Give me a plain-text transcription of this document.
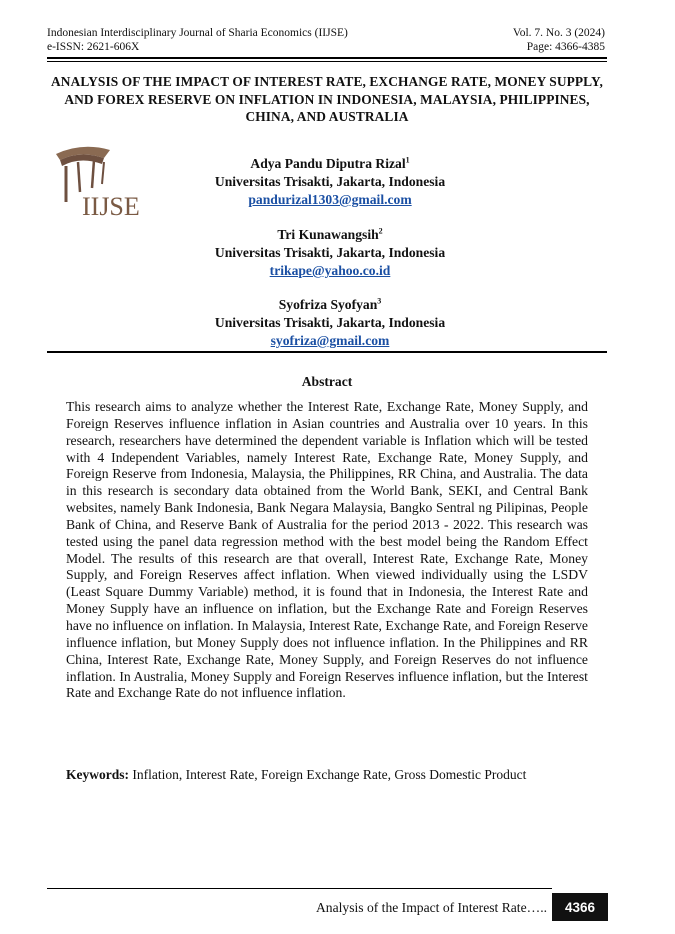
Indonesian Interdisciplinary Journal of Sharia Economics (IIJSE)
e-ISSN: 2621-606X
Vol. 7. No. 3 (2024)
Page: 4366-4385
ANALYSIS OF THE IMPACT OF INTEREST RATE, EXCHANGE RATE, MONEY SUPPLY, AND FOREX RESERVE ON INFLATION IN INDONESIA, MALAYSIA, PHILIPPINES, CHINA, AND AUSTRALIA
IIJSE
Adya Pandu Diputra Rizal$^1$
Universitas Trisakti, Jakarta, Indonesia
pandurizal1303@gmail.com
Tri Kunawangsih$^2$
Universitas Trisakti, Jakarta, Indonesia
trikape@yahoo.co.id
Syofriza Syofyan$^3$
Universitas Trisakti, Jakarta, Indonesia
syofriza@gmail.com
Abstract
This research aims to analyze whether the Interest Rate, Exchange Rate, Money Supply, and Foreign Reserves influence inflation in Asian countries and Australia over 10 years. In this research, researchers have determined the dependent variable is Inflation which will be tested with 4 Independent Variables, namely Interest Rate, Exchange Rate, Money Supply, and Foreign Reserve from Indonesia, Malaysia, the Philippines, RR China, and Australia. The data in this research is secondary data obtained from the World Bank, SEKI, and Central Bank websites, namely Bank Indonesia, Bank Negara Malaysia, Bangko Sentral ng Pilipinas, People Bank of China, and Reserve Bank of Australia for the period 2013 - 2022. This research was tested using the panel data regression method with the best model being the Random Effect Model. The results of this research are that overall, Interest Rate, Exchange Rate, Money Supply, and Foreign Reserves affect inflation. When viewed individually using the LSDV (Least Square Dummy Variable) method, it is found that in Indonesia, the Interest Rate and Money Supply have an influence on inflation, but the Exchange Rate and Foreign Reserves have no influence on inflation. In Malaysia, Interest Rate, Exchange Rate, and Foreign Reserve influence inflation, but Money Supply does not influence inflation. In the Philippines and RR China, Interest Rate, Exchange Rate, Money Supply, and Foreign Reserves do not influence inflation. In Australia, Money Supply and Foreign Reserves influence inflation, but the Interest Rate and Exchange Rate do not influence inflation.
Keywords: Inflation, Interest Rate, Foreign Exchange Rate, Gross Domestic Product
Analysis of the Impact of Interest Rate…..	4366
